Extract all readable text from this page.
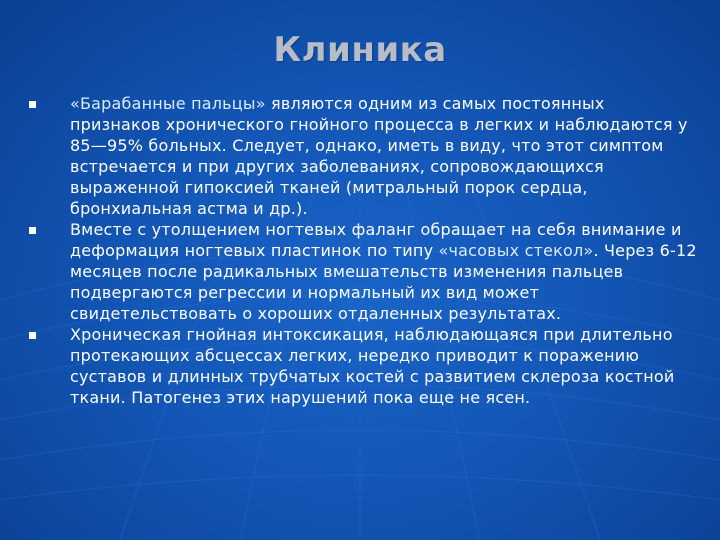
Клиника
«Барабанные пальцы» являются одним из самых постоянных признаков хронического гнойного процесса в легких и наблюдаются у 85—95% больных. Следует, однако, иметь в виду, что этот симптом встречается и при других заболеваниях, сопровождающихся выраженной гипоксией тканей (митральный порок сердца, бронхиальная астма и др.).
Вместе с утолщением ногтевых фаланг обращает на себя внимание и деформация ногтевых пластинок по типу «часовых стекол». Через 6-12 месяцев после радикальных вмешательств изменения пальцев подвергаются регрессии и нормальный их вид может свидетельствовать о хороших отдаленных результатах.
Хроническая гнойная интоксикация, наблюдающаяся при длительно протекающих абсцессах легких, нередко приводит к поражению суставов и длинных трубчатых костей с развитием склероза костной ткани. Патогенез этих нарушений пока еще не ясен.
